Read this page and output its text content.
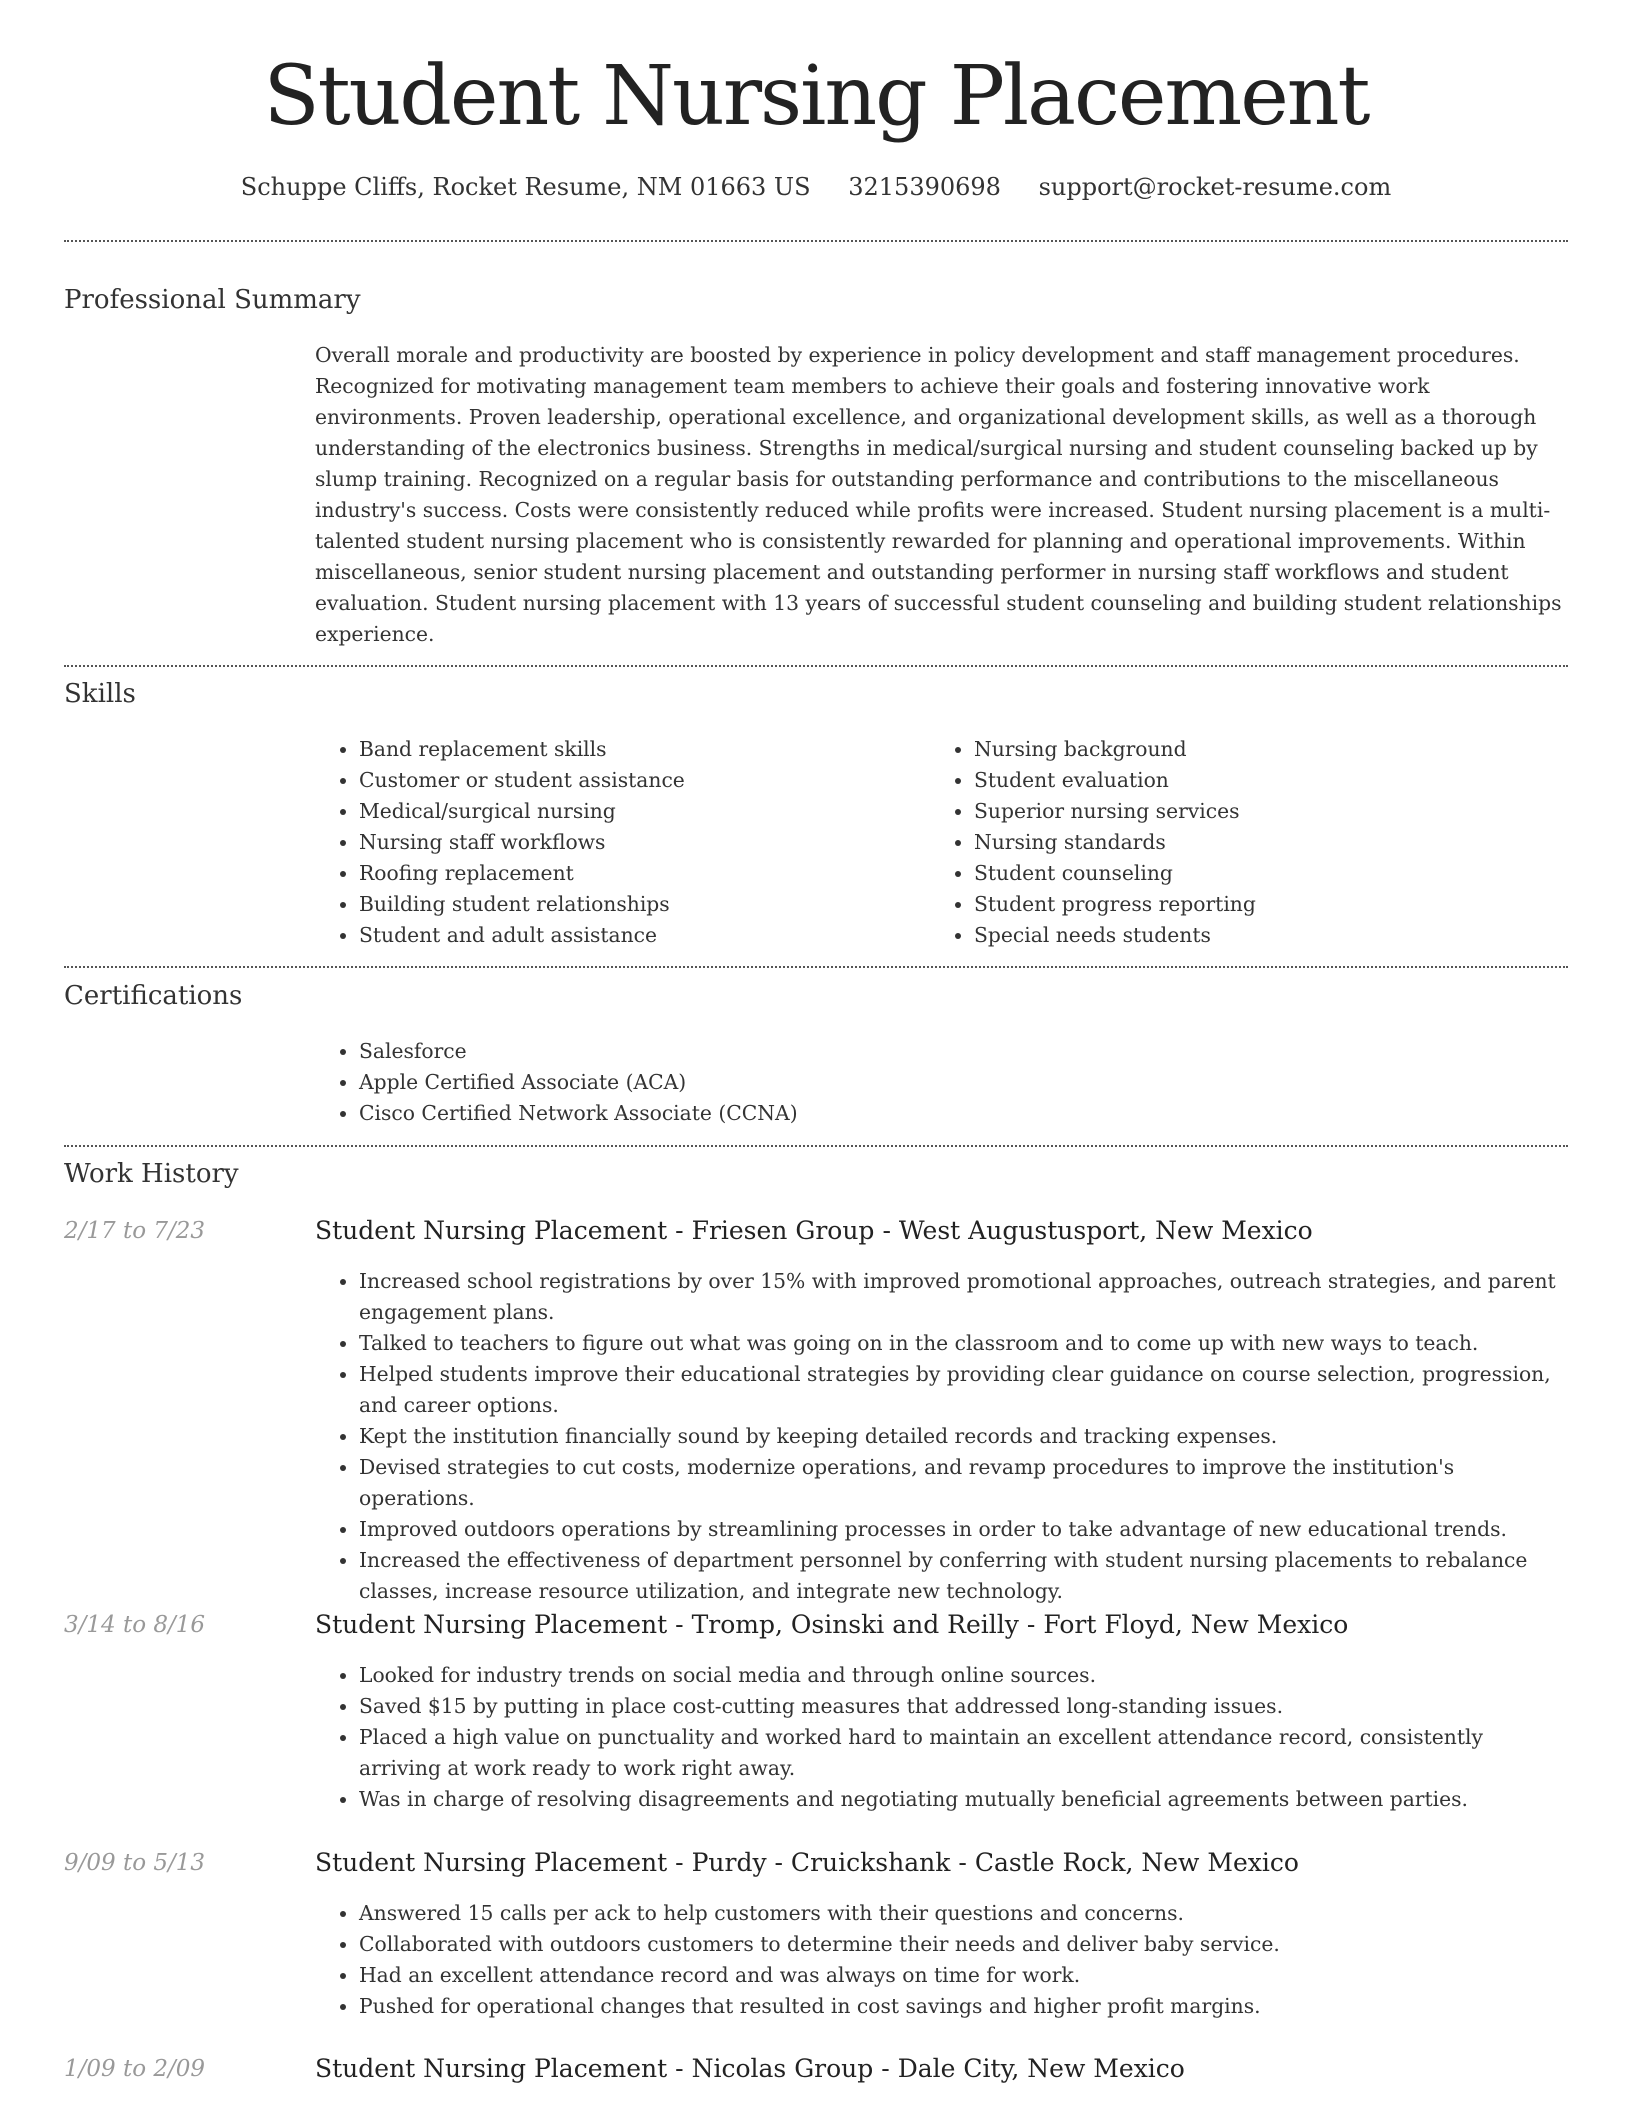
Student Nursing Placement
Schuppe Cliffs, Rocket Resume, NM 01663 US 3215390698 support@rocket-resume.com
Professional Summary

Overall morale and productivity are boosted by experience in policy development and staff management procedures. Recognized for motivating management team members to achieve their goals and fostering innovative work environments. Proven leadership, operational excellence, and organizational development skills, as well as a thorough understanding of the electronics business. Strengths in medical/surgical nursing and student counseling backed up by slump training. Recognized on a regular basis for outstanding performance and contributions to the miscellaneous industry's success. Costs were consistently reduced while profits were increased. Student nursing placement is a multi-talented student nursing placement who is consistently rewarded for planning and operational improvements. Within miscellaneous, senior student nursing placement and outstanding performer in nursing staff workflows and student evaluation. Student nursing placement with 13 years of successful student counseling and building student relationships experience.

Skills
• Band replacement skills
• Customer or student assistance
• Medical/surgical nursing
• Nursing staff workflows
• Roofing replacement
• Building student relationships
• Student and adult assistance
• Nursing background
• Student evaluation
• Superior nursing services
• Nursing standards
• Student counseling
• Student progress reporting
• Special needs students
Certifications
• Salesforce
• Apple Certified Associate (ACA)
• Cisco Certified Network Associate (CCNA)
Work History
2/17 to 7/23	Student Nursing Placement - Friesen Group - West Augustusport, New Mexico
• Increased school registrations by over 15% with improved promotional approaches, outreach strategies, and parent engagement plans.
• Talked to teachers to figure out what was going on in the classroom and to come up with new ways to teach.
• Helped students improve their educational strategies by providing clear guidance on course selection, progression, and career options.
• Kept the institution financially sound by keeping detailed records and tracking expenses.
• Devised strategies to cut costs, modernize operations, and revamp procedures to improve the institution's operations.
• Improved outdoors operations by streamlining processes in order to take advantage of new educational trends.
• Increased the effectiveness of department personnel by conferring with student nursing placements to rebalance classes, increase resource utilization, and integrate new technology.
3/14 to 8/16	Student Nursing Placement - Tromp, Osinski and Reilly - Fort Floyd, New Mexico
• Looked for industry trends on social media and through online sources.
• Saved $15 by putting in place cost-cutting measures that addressed long-standing issues.
• Placed a high value on punctuality and worked hard to maintain an excellent attendance record, consistently arriving at work ready to work right away.
• Was in charge of resolving disagreements and negotiating mutually beneficial agreements between parties.
9/09 to 5/13	Student Nursing Placement - Purdy - Cruickshank - Castle Rock, New Mexico
• Answered 15 calls per ack to help customers with their questions and concerns.
• Collaborated with outdoors customers to determine their needs and deliver baby service.
• Had an excellent attendance record and was always on time for work.
• Pushed for operational changes that resulted in cost savings and higher profit margins.
1/09 to 2/09	Student Nursing Placement - Nicolas Group - Dale City, New Mexico
